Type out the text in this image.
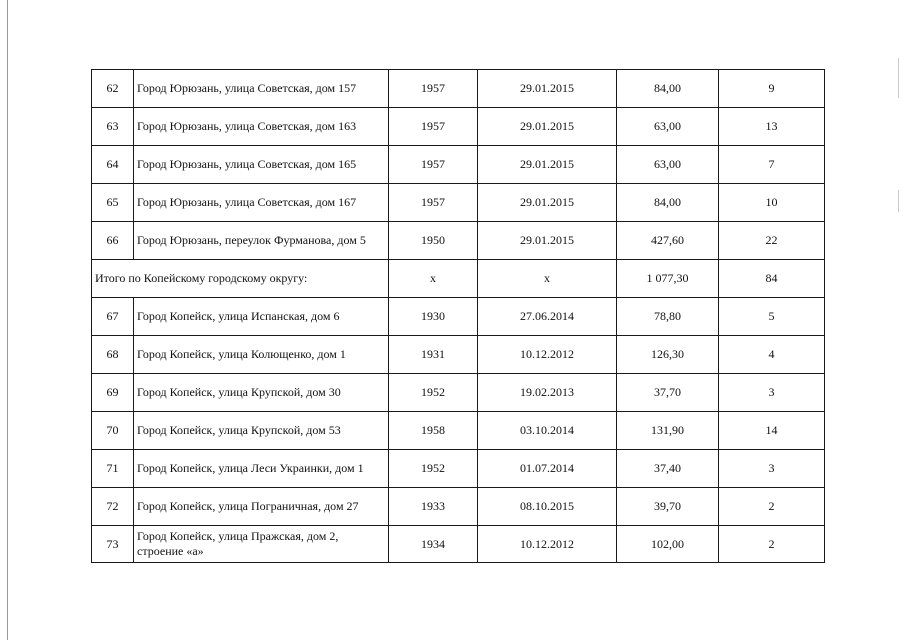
62	Город Юрюзань, улица Советская, дом 157	1957	29.01.2015	84,00	9
63	Город Юрюзань, улица Советская, дом 163	1957	29.01.2015	63,00	13
64	Город Юрюзань, улица Советская, дом 165	1957	29.01.2015	63,00	7
65	Город Юрюзань, улица Советская, дом 167	1957	29.01.2015	84,00	10
66	Город Юрюзань, переулок Фурманова, дом 5	1950	29.01.2015	427,60	22
Итого по Копейскому городскому округу:		х	х	1 077,30	84
67	Город Копейск, улица Испанская, дом 6	1930	27.06.2014	78,80	5
68	Город Копейск, улица Колющенко, дом 1	1931	10.12.2012	126,30	4
69	Город Копейск, улица Крупской, дом 30	1952	19.02.2013	37,70	3
70	Город Копейск, улица Крупской, дом 53	1958	03.10.2014	131,90	14
71	Город Копейск, улица Леси Украинки, дом 1	1952	01.07.2014	37,40	3
72	Город Копейск, улица Пограничная, дом 27	1933	08.10.2015	39,70	2
73	Город Копейск, улица Пражская, дом 2, строение «а»	1934	10.12.2012	102,00	2
